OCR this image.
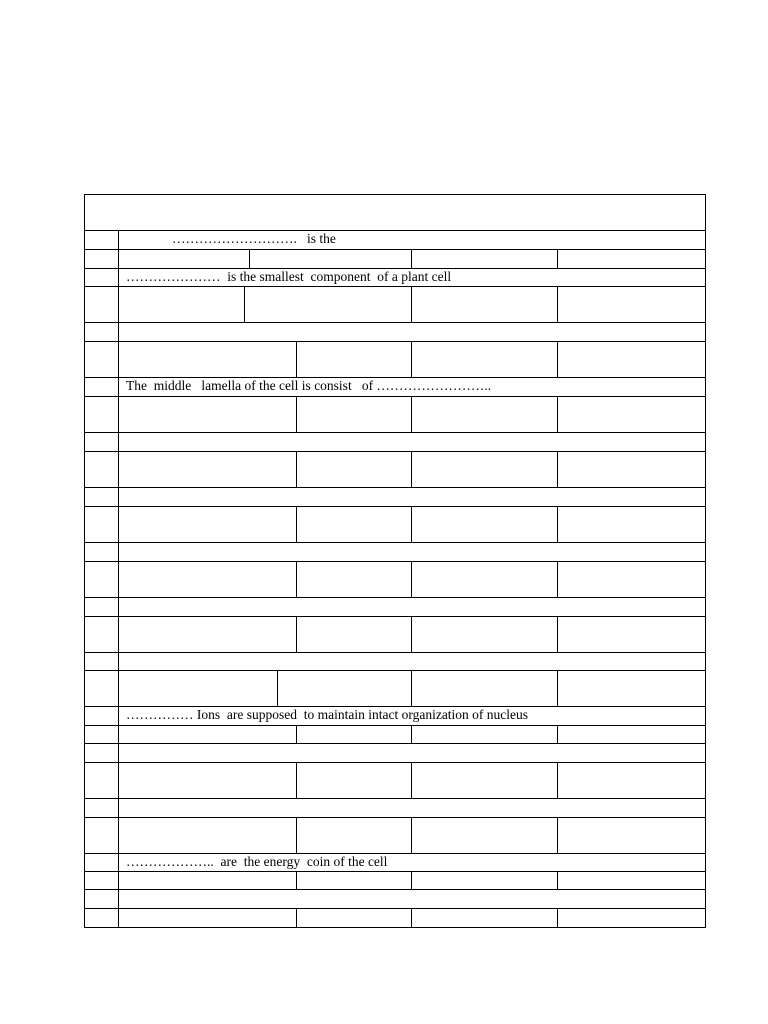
……………………….   is the
…………………  is the smallest  component  of a plant cell
The  middle   lamella of the cell is consist   of ……………………..
…………… Ions  are supposed  to maintain intact organization of nucleus
………………..  are  the energy  coin of the cell
